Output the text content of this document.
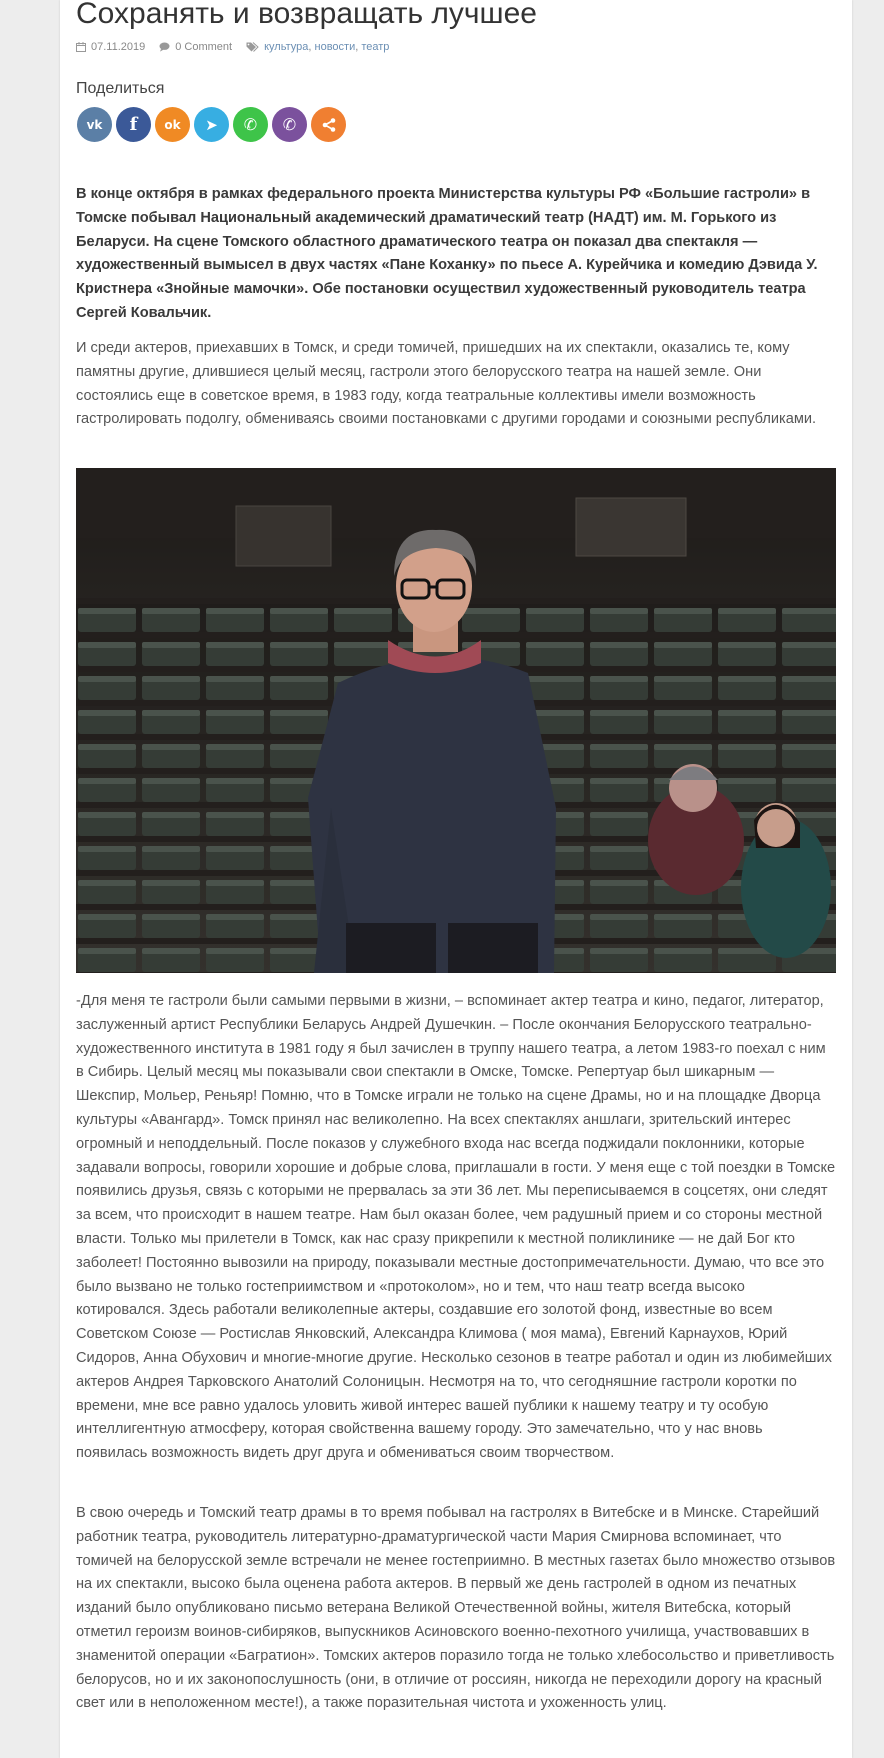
Сохранять и возвращать лучшее
07.11.2019	0 Comment	культура , новости , театр
Поделиться
vk f ok ➤ ✆ ✆

В конце октября в рамках федерального проекта Министерства культуры РФ «Большие гастроли» в Томске побывал Национальный академический драматический театр (НАДТ) им. М. Горького из Беларуси. На сцене Томского областного драматического театра он показал два спектакля — художественный вымысел в двух частях «Пане Коханку» по пьесе А. Курейчика и комедию Дэвида У. Кристнера «Знойные мамочки». Обе постановки осуществил художественный руководитель театра Сергей Ковальчик.

И среди актеров, приехавших в Томск, и среди томичей, пришедших на их спектакли, оказались те, кому памятны другие, длившиеся целый месяц, гастроли этого белорусского театра на нашей земле. Они состоялись еще в советское время, в 1983 году, когда театральные коллективы имели возможность гастролировать подолгу, обмениваясь своими постановками с другими городами и союзными республиками.

-Для меня те гастроли были самыми первыми в жизни, – вспоминает актер театра и кино, педагог, литератор, заслуженный артист Республики Беларусь Андрей Душечкин. – После окончания Белорусского театрально-художественного института в 1981 году я был зачислен в труппу нашего театра, а летом 1983-го поехал с ним в Сибирь. Целый месяц мы показывали свои спектакли в Омске, Томске. Репертуар был шикарным — Шекспир, Мольер, Реньяр! Помню, что в Томске играли не только на сцене Драмы, но и на площадке Дворца культуры «Авангард». Томск принял нас великолепно. На всех спектаклях аншлаги, зрительский интерес огромный и неподдельный. После показов у служебного входа нас всегда поджидали поклонники, которые задавали вопросы, говорили хорошие и добрые слова, приглашали в гости. У меня еще с той поездки в Томске появились друзья, связь с которыми не прервалась за эти 36 лет. Мы переписываемся в соцсетях, они следят за всем, что происходит в нашем театре. Нам был оказан более, чем радушный прием и со стороны местной власти. Только мы прилетели в Томск, как нас сразу прикрепили к местной поликлинике — не дай Бог кто заболеет! Постоянно вывозили на природу, показывали местные достопримечательности. Думаю, что все это было вызвано не только гостеприимством и «протоколом», но и тем, что наш театр всегда высоко котировался. Здесь работали великолепные актеры, создавшие его золотой фонд, известные во всем Советском Союзе — Ростислав Янковский, Александра Климова ( моя мама), Евгений Карнаухов, Юрий Сидоров, Анна Обухович и многие-многие другие. Несколько сезонов в театре работал и один из любимейших актеров Андрея Тарковского Анатолий Солоницын. Несмотря на то, что сегодняшние гастроли коротки по времени, мне все равно удалось уловить живой интерес вашей публики к нашему театру и ту особую интеллигентную атмосферу, которая свойственна вашему городу. Это замечательно, что у нас вновь появилась возможность видеть друг друга и обмениваться своим творчеством.

В свою очередь и Томский театр драмы в то время побывал на гастролях в Витебске и в Минске. Старейший работник театра, руководитель литературно-драматургической части Мария Смирнова вспоминает, что томичей на белорусской земле встречали не менее гостеприимно. В местных газетах было множество отзывов на их спектакли, высоко была оценена работа актеров. В первый же день гастролей в одном из печатных изданий было опубликовано письмо ветерана Великой Отечественной войны, жителя Витебска, который отметил героизм воинов-сибиряков, выпускников Асиновского военно-пехотного училища, участвовавших в знаменитой операции «Багратион». Томских актеров поразило тогда не только хлебосольство и приветливость белорусов, но и их законопослушность (они, в отличие от россиян, никогда не переходили дорогу на красный свет или в неположенном месте!), а также поразительная чистота и ухоженность улиц.
